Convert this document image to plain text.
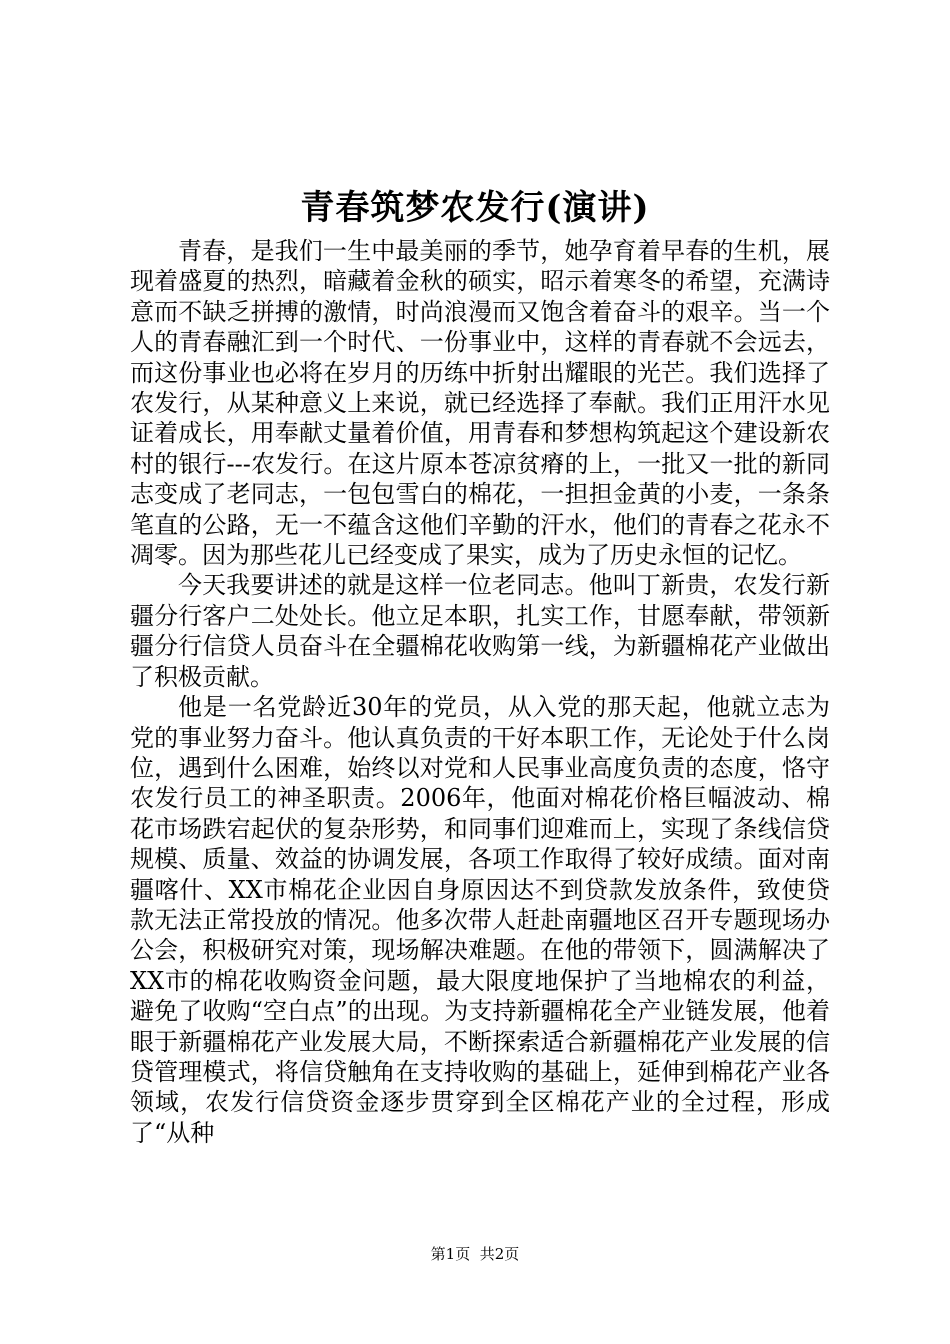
青春筑梦农发行(演讲)

青春，是我们一生中最美丽的季节，她孕育着早春的生机，展现着盛夏的热烈，暗藏着金秋的硕实，昭示着寒冬的希望，充满诗意而不缺乏拼搏的激情，时尚浪漫而又饱含着奋斗的艰辛。当一个人的青春融汇到一个时代、一份事业中，这样的青春就不会远去，而这份事业也必将在岁月的历练中折射出耀眼的光芒。我们选择了农发行，从某种意义上来说，就已经选择了奉献。我们正用汗水见证着成长，用奉献丈量着价值，用青春和梦想构筑起这个建设新农村的银行---农发行。在这片原本苍凉贫瘠的上，一批又一批的新同志变成了老同志，一包包雪白的棉花，一担担金黄的小麦，一条条笔直的公路，无一不蕴含这他们辛勤的汗水，他们的青春之花永不凋零。因为那些花儿已经变成了果实，成为了历史永恒的记忆。

今天我要讲述的就是这样一位老同志。他叫丁新贵，农发行新疆分行客户二处处长。他立足本职，扎实工作，甘愿奉献，带领新疆分行信贷人员奋斗在全疆棉花收购第一线，为新疆棉花产业做出了积极贡献。

他是一名党龄近30年的党员，从入党的那天起，他就立志为党的事业努力奋斗。他认真负责的干好本职工作，无论处于什么岗位，遇到什么困难，始终以对党和人民事业高度负责的态度，恪守农发行员工的神圣职责。2006年，他面对棉花价格巨幅波动、棉花市场跌宕起伏的复杂形势，和同事们迎难而上，实现了条线信贷规模、质量、效益的协调发展，各项工作取得了较好成绩。面对南疆喀什、XX市棉花企业因自身原因达不到贷款发放条件，致使贷款无法正常投放的情况。他多次带人赶赴南疆地区召开专题现场办公会，积极研究对策，现场解决难题。在他的带领下，圆满解决了XX市的棉花收购资金问题，最大限度地保护了当地棉农的利益，避免了收购“空白点”的出现。为支持新疆棉花全产业链发展，他着眼于新疆棉花产业发展大局，不断探索适合新疆棉花产业发展的信贷管理模式，将信贷触角在支持收购的基础上，延伸到棉花产业各领域，农发行信贷资金逐步贯穿到全区棉花产业的全过程，形成了“从种

第1页 共2页
